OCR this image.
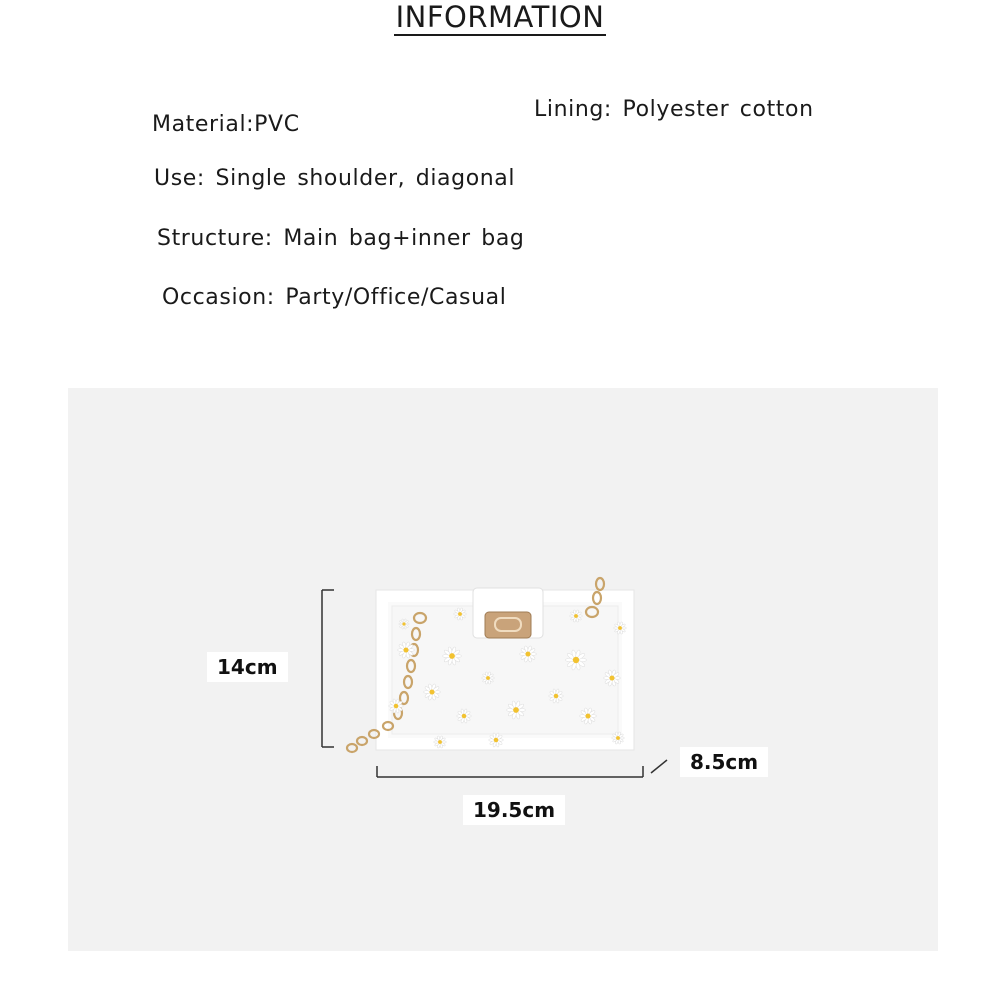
INFORMATION
Material:PVC
Lining: Polyester cotton
Use: Single shoulder, diagonal
Structure: Main bag+inner bag
Occasion: Party/Office/Casual
14cm
19.5cm
8.5cm
